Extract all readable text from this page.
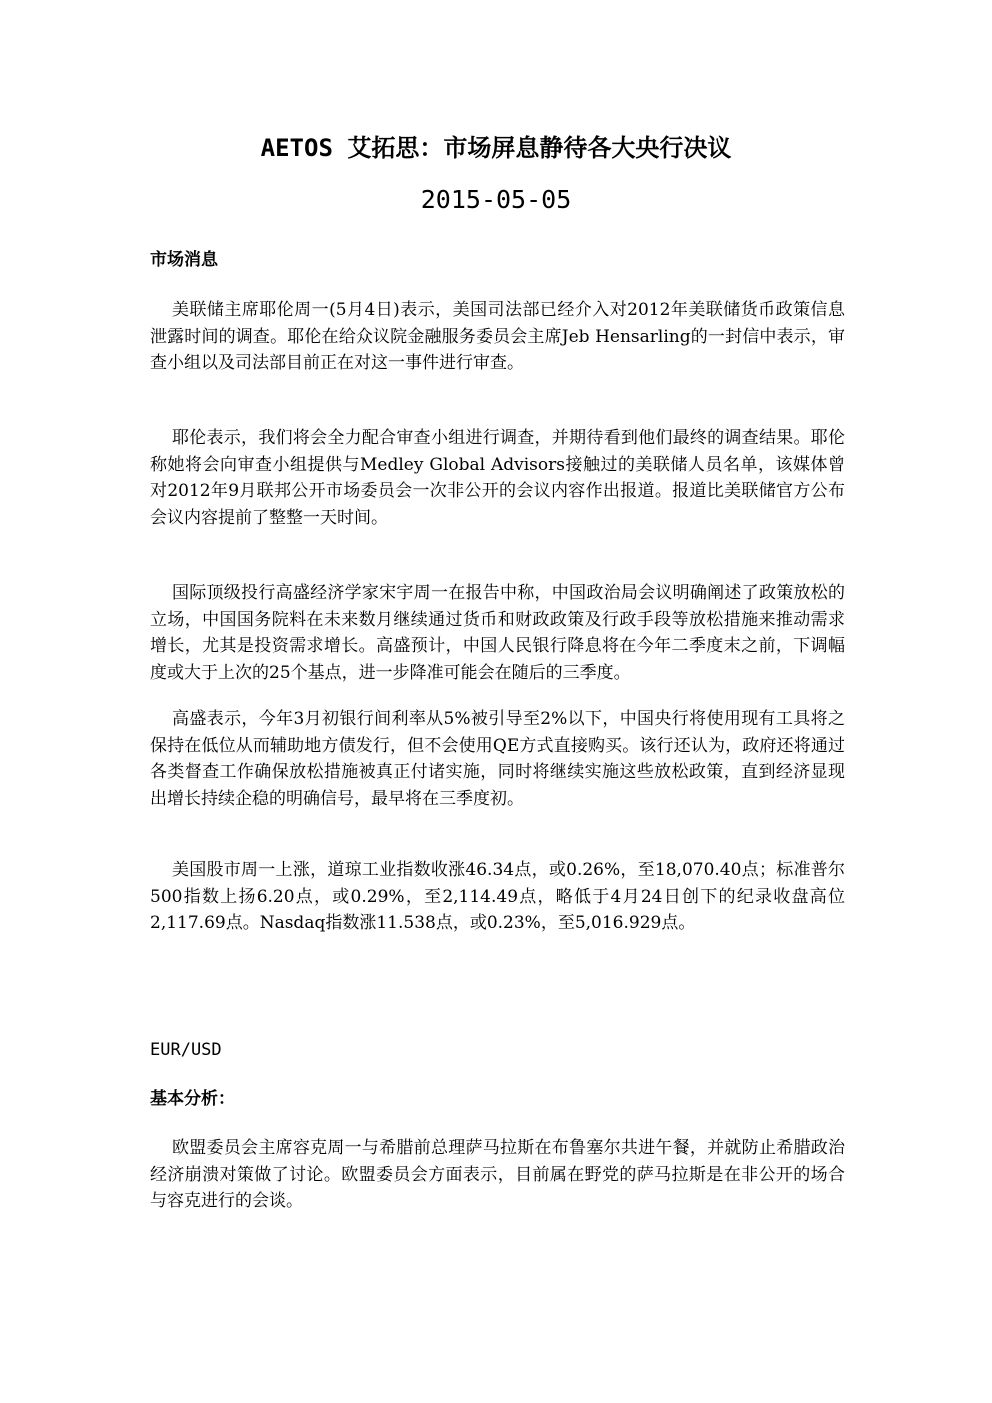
AETOS 艾拓思：市场屏息静待各大央行决议
2015-05-05
市场消息

美联储主席耶伦周一(5月4日)表示，美国司法部已经介入对2012年美联储货币政策信息泄露时间的调查。耶伦在给众议院金融服务委员会主席Jeb Hensarling的一封信中表示，审查小组以及司法部目前正在对这一事件进行审查。

耶伦表示，我们将会全力配合审查小组进行调查，并期待看到他们最终的调查结果。耶伦称她将会向审查小组提供与Medley Global Advisors接触过的美联储人员名单，该媒体曾对2012年9月联邦公开市场委员会一次非公开的会议内容作出报道。报道比美联储官方公布会议内容提前了整整一天时间。

国际顶级投行高盛经济学家宋宇周一在报告中称，中国政治局会议明确阐述了政策放松的立场，中国国务院料在未来数月继续通过货币和财政政策及行政手段等放松措施来推动需求增长，尤其是投资需求增长。高盛预计，中国人民银行降息将在今年二季度末之前，下调幅度或大于上次的25个基点，进一步降准可能会在随后的三季度。

高盛表示，今年3月初银行间利率从5%被引导至2%以下，中国央行将使用现有工具将之保持在低位从而辅助地方债发行，但不会使用QE方式直接购买。该行还认为，政府还将通过各类督查工作确保放松措施被真正付诸实施，同时将继续实施这些放松政策，直到经济显现出增长持续企稳的明确信号，最早将在三季度初。

美国股市周一上涨，道琼工业指数收涨46.34点，或0.26%，至18,070.40点；标准普尔500指数上扬6.20点，或0.29%，至2,114.49点，略低于4月24日创下的纪录收盘高位2,117.69点。Nasdaq指数涨11.538点，或0.23%，至5,016.929点。

EUR/USD
基本分析：

欧盟委员会主席容克周一与希腊前总理萨马拉斯在布鲁塞尔共进午餐，并就防止希腊政治经济崩溃对策做了讨论。欧盟委员会方面表示，目前属在野党的萨马拉斯是在非公开的场合与容克进行的会谈。
